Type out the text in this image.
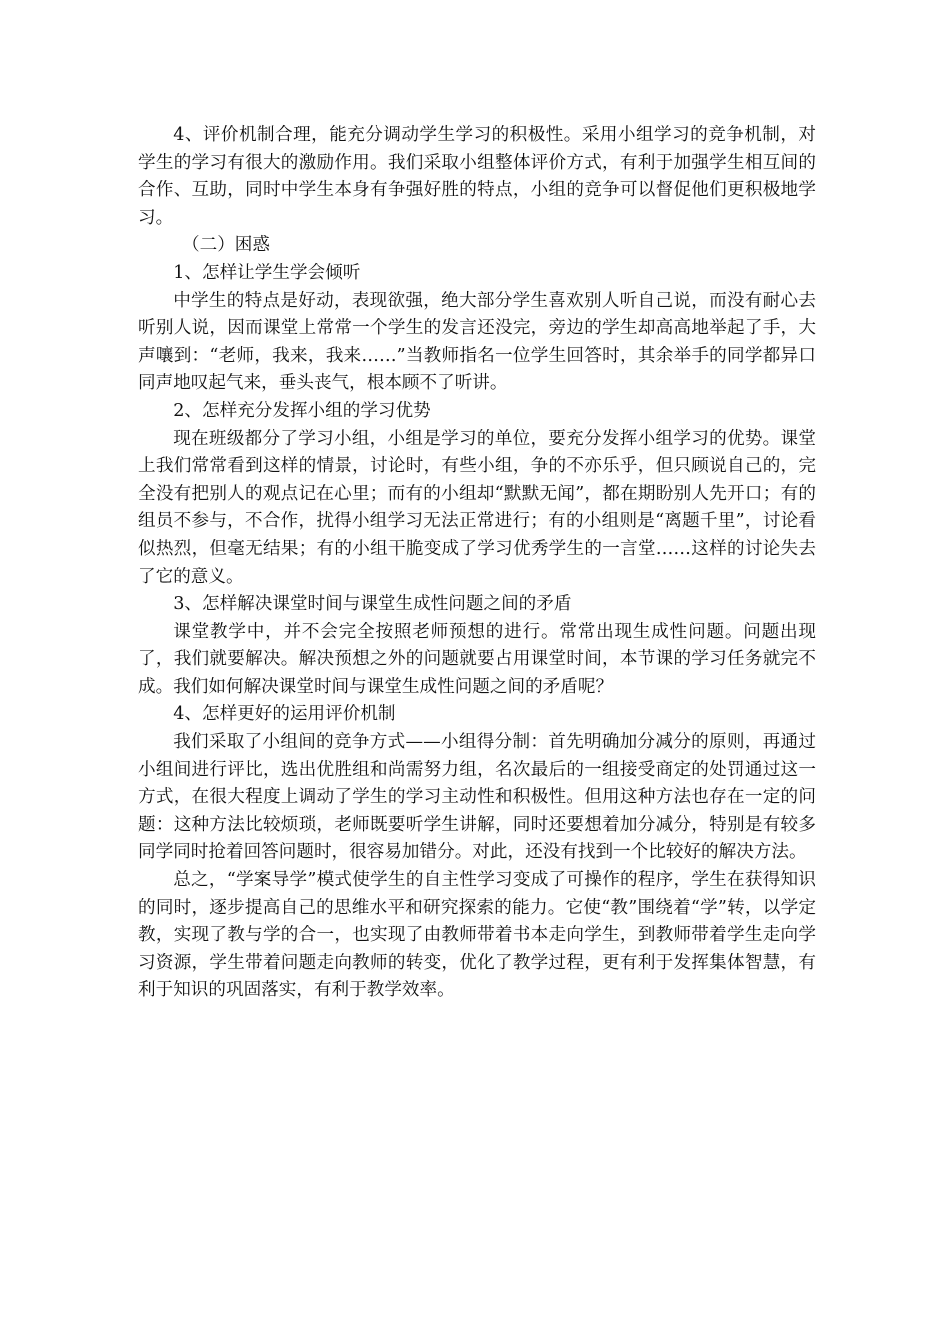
4、评价机制合理，能充分调动学生学习的积极性。采用小组学习的竞争机制，对学生的学习有很大的激励作用。我们采取小组整体评价方式，有利于加强学生相互间的合作、互助，同时中学生本身有争强好胜的特点，小组的竞争可以督促他们更积极地学习。

（二）困惑

1、怎样让学生学会倾听

中学生的特点是好动，表现欲强，绝大部分学生喜欢别人听自己说，而没有耐心去听别人说，因而课堂上常常一个学生的发言还没完，旁边的学生却高高地举起了手，大声嚷到：“老师，我来，我来……”当教师指名一位学生回答时，其余举手的同学都异口同声地叹起气来，垂头丧气，根本顾不了听讲。

2、怎样充分发挥小组的学习优势

现在班级都分了学习小组，小组是学习的单位，要充分发挥小组学习的优势。课堂上我们常常看到这样的情景，讨论时，有些小组，争的不亦乐乎，但只顾说自己的，完全没有把别人的观点记在心里；而有的小组却“默默无闻”，都在期盼别人先开口；有的组员不参与，不合作，扰得小组学习无法正常进行；有的小组则是“离题千里”，讨论看似热烈，但毫无结果；有的小组干脆变成了学习优秀学生的一言堂……这样的讨论失去了它的意义。

3、怎样解决课堂时间与课堂生成性问题之间的矛盾

课堂教学中，并不会完全按照老师预想的进行。常常出现生成性问题。问题出现了，我们就要解决。解决预想之外的问题就要占用课堂时间，本节课的学习任务就完不成。我们如何解决课堂时间与课堂生成性问题之间的矛盾呢？

4、怎样更好的运用评价机制

我们采取了小组间的竞争方式——小组得分制：首先明确加分减分的原则，再通过小组间进行评比，选出优胜组和尚需努力组，名次最后的一组接受商定的处罚通过这一方式，在很大程度上调动了学生的学习主动性和积极性。但用这种方法也存在一定的问题：这种方法比较烦琐，老师既要听学生讲解，同时还要想着加分减分，特别是有较多同学同时抢着回答问题时，很容易加错分。对此，还没有找到一个比较好的解决方法。

总之，“学案导学”模式使学生的自主性学习变成了可操作的程序，学生在获得知识的同时，逐步提高自己的思维水平和研究探索的能力。它使“教”围绕着“学”转，以学定教，实现了教与学的合一，也实现了由教师带着书本走向学生，到教师带着学生走向学习资源，学生带着问题走向教师的转变，优化了教学过程，更有利于发挥集体智慧，有利于知识的巩固落实，有利于教学效率。
